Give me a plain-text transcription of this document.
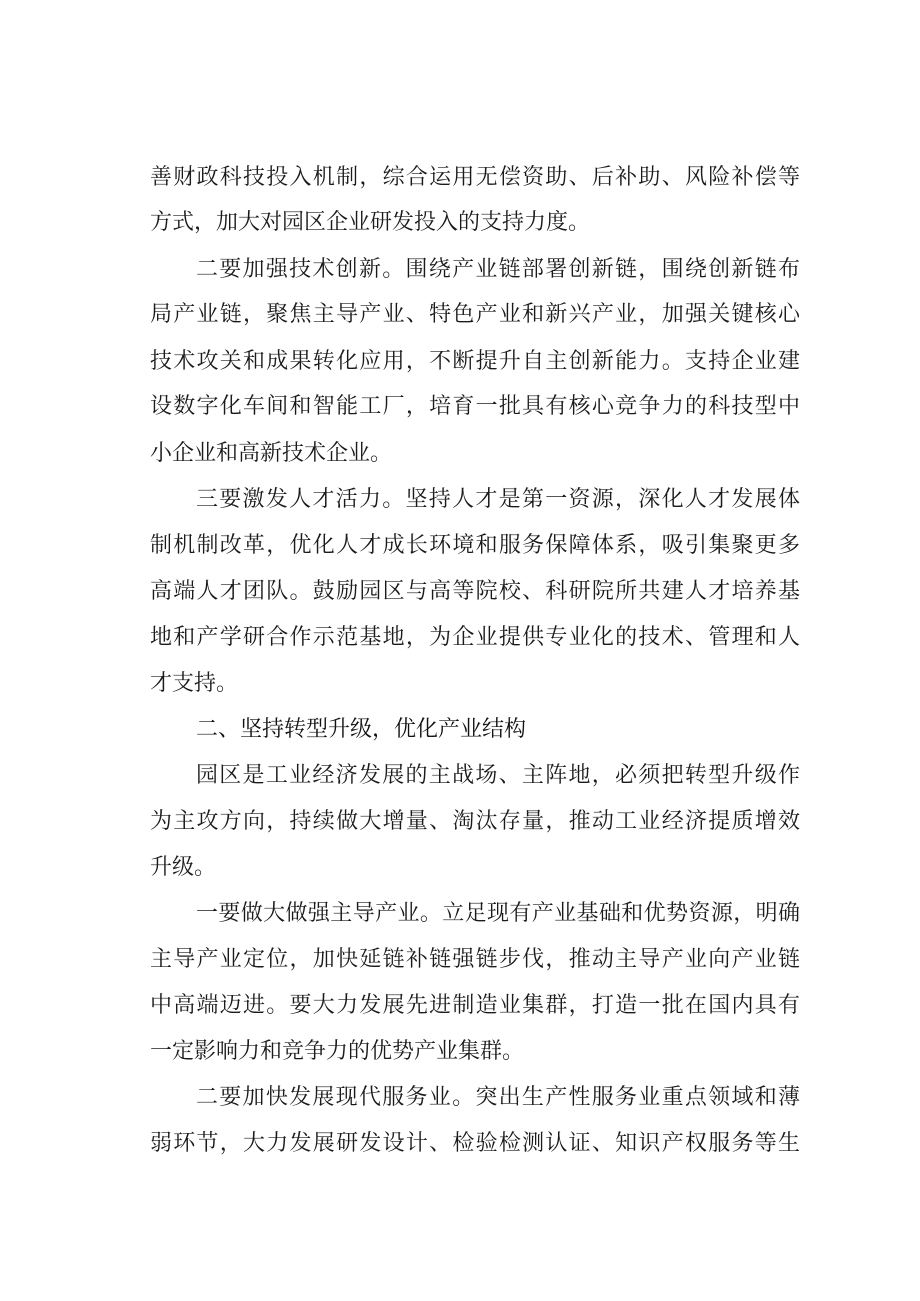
善财政科技投入机制，综合运用无偿资助、后补助、风险补偿等

方式，加大对园区企业研发投入的支持力度。

二要加强技术创新。围绕产业链部署创新链，围绕创新链布

局产业链，聚焦主导产业、特色产业和新兴产业，加强关键核心

技术攻关和成果转化应用，不断提升自主创新能力。支持企业建

设数字化车间和智能工厂，培育一批具有核心竞争力的科技型中

小企业和高新技术企业。

三要激发人才活力。坚持人才是第一资源，深化人才发展体

制机制改革，优化人才成长环境和服务保障体系，吸引集聚更多

高端人才团队。鼓励园区与高等院校、科研院所共建人才培养基

地和产学研合作示范基地，为企业提供专业化的技术、管理和人

才支持。

二、坚持转型升级，优化产业结构

园区是工业经济发展的主战场、主阵地，必须把转型升级作

为主攻方向，持续做大增量、淘汰存量，推动工业经济提质增效

升级。

一要做大做强主导产业。立足现有产业基础和优势资源，明确

主导产业定位，加快延链补链强链步伐，推动主导产业向产业链

中高端迈进。要大力发展先进制造业集群，打造一批在国内具有

一定影响力和竞争力的优势产业集群。

二要加快发展现代服务业。突出生产性服务业重点领域和薄

弱环节，大力发展研发设计、检验检测认证、知识产权服务等生
